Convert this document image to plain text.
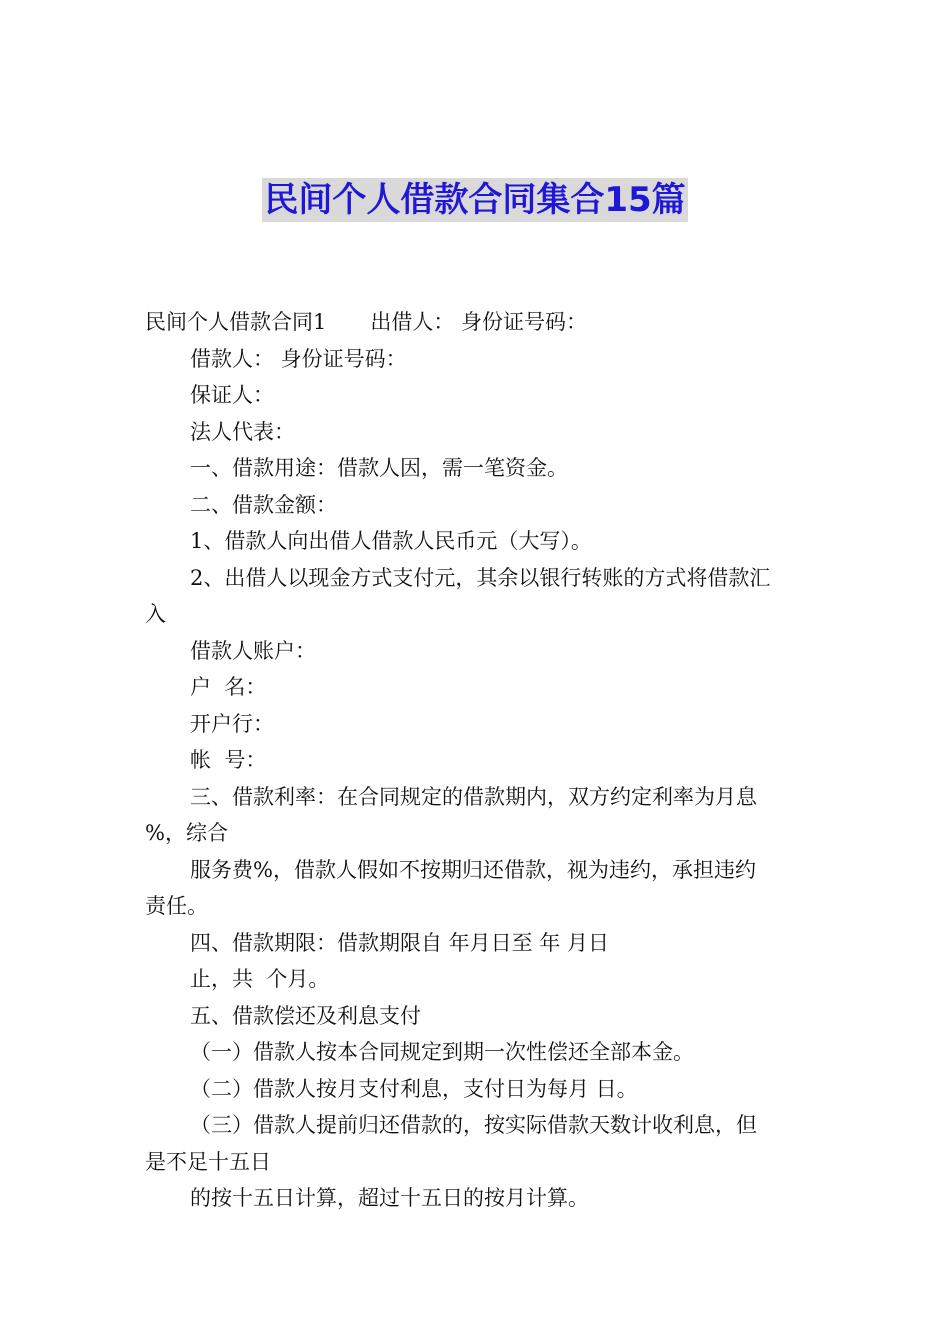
民间个人借款合同集合15篇

民间个人借款合同1 出借人： 身份证号码：

借款人： 身份证号码：

保证人：

法人代表：

一、借款用途：借款人因，需一笔资金。

二、借款金额：

1、借款人向出借人借款人民币元（大写）。

2、出借人以现金方式支付元，其余以银行转账的方式将借款汇

入

借款人账户：

户  名：

开户行：

帐  号：

三、借款利率：在合同规定的借款期内，双方约定利率为月息

%，综合

服务费%，借款人假如不按期归还借款，视为违约，承担违约

责任。

四、借款期限：借款期限自 年月日至 年 月日

止，共  个月。

五、借款偿还及利息支付

（一）借款人按本合同规定到期一次性偿还全部本金。

（二）借款人按月支付利息，支付日为每月 日。

（三）借款人提前归还借款的，按实际借款天数计收利息，但

是不足十五日

的按十五日计算，超过十五日的按月计算。
